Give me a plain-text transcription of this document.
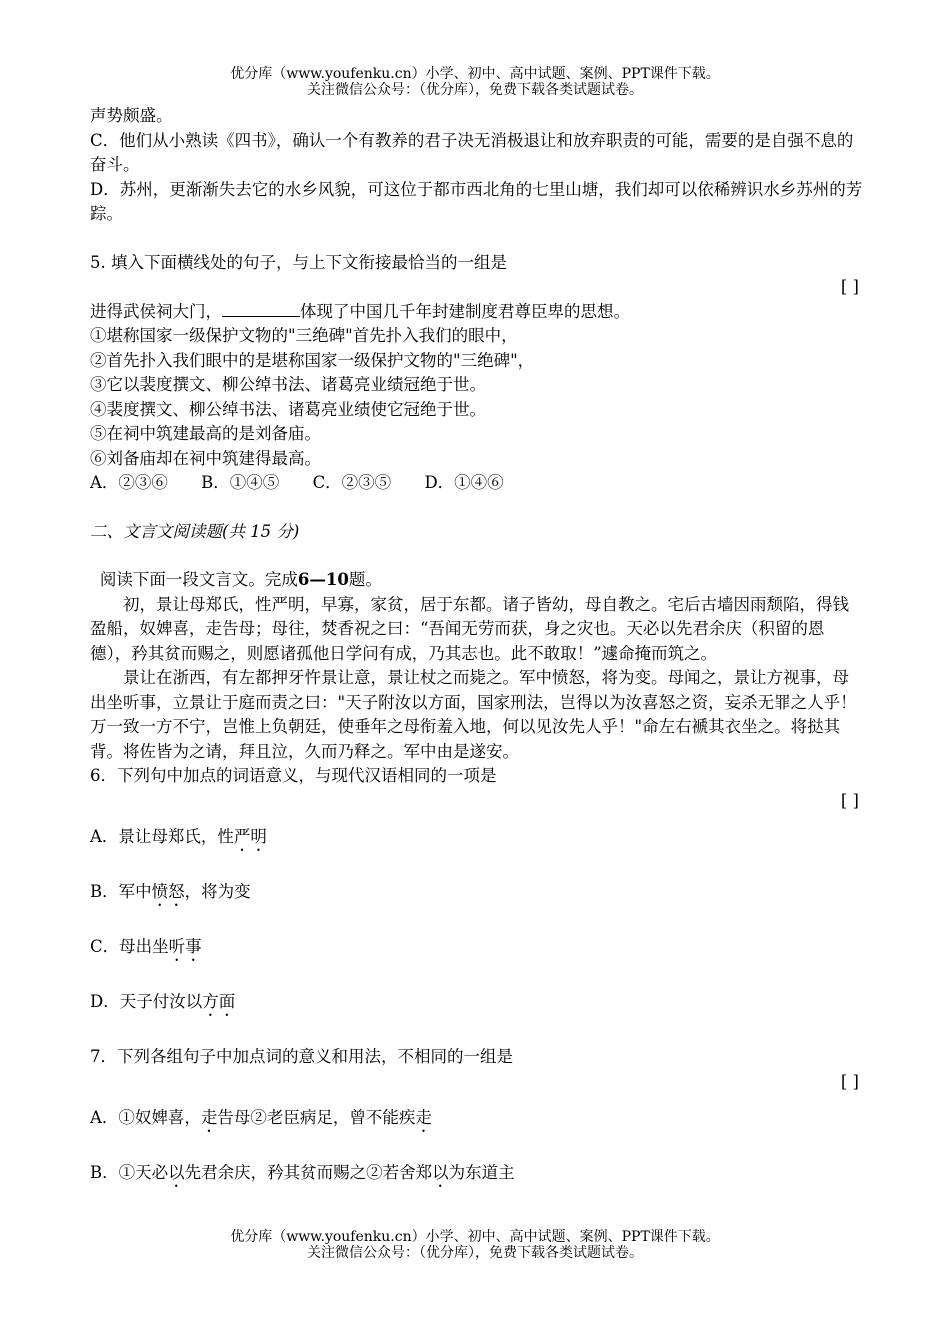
优分库（www.youfenku.cn）小学、初中、高中试题、案例、PPT课件下载。
关注微信公众号：（优分库），免费下载各类试题试卷。

声势颇盛。

C．他们从小熟读《四书》，确认一个有教养的君子决无消极退让和放弃职责的可能，需要的是自强不息的奋斗。

D．苏州，更渐渐失去它的水乡风貌，可这位于都市西北角的七里山塘，我们却可以依稀辨识水乡苏州的芳踪。

5. 填入下面横线处的句子，与上下文衔接最恰当的一组是

[ ]

进得武侯祠大门，	体现了中国几千年封建制度君尊臣卑的思想。

①堪称国家一级保护文物的"三绝碑"首先扑入我们的眼中，

②首先扑入我们眼中的是堪称国家一级保护文物的"三绝碑"，

③它以裴度撰文、柳公绰书法、诸葛亮业绩冠绝于世。

④裴度撰文、柳公绰书法、诸葛亮业绩使它冠绝于世。

⑤在祠中筑建最高的是刘备庙。

⑥刘备庙却在祠中筑建得最高。

A．②③⑥ B．①④⑤ C．②③⑤ D．①④⑥

二、文言文阅读题(共 15 分)

阅读下面一段文言文。完成6—10题。

初，景让母郑氏，性严明，早寡，家贫，居于东都。诸子皆幼，母自教之。宅后古墙因雨颓陷，得钱盈船，奴婢喜，走告母；母往，焚香祝之曰：“吾闻无劳而获，身之灾也。天必以先君余庆（积留的恩德），矜其贫而赐之，则愿诸孤他日学问有成，乃其志也。此不敢取！”遽命掩而筑之。

景让在浙西，有左都押牙忤景让意，景让杖之而毙之。军中愤怒，将为变。母闻之，景让方视事，母出坐听事，立景让于庭而责之曰："天子附汝以方面，国家刑法，岂得以为汝喜怒之资，妄杀无罪之人乎！万一致一方不宁，岂惟上负朝廷，使垂年之母衔羞入地，何以见汝先人乎！"命左右褫其衣坐之。将挞其背。将佐皆为之请，拜且泣，久而乃释之。军中由是遂安。

6．下列句中加点的词语意义，与现代汉语相同的一项是

[ ]

A．景让母郑氏，性严明

B．军中愤怒，将为变

C．母出坐听事

D．天子付汝以方面

7．下列各组句子中加点词的意义和用法，不相同的一组是

[ ]

A．①奴婢喜，走告母②老臣病足，曾不能疾走

B．①天必以先君余庆，矜其贫而赐之②若舍郑以为东道主

优分库（www.youfenku.cn）小学、初中、高中试题、案例、PPT课件下载。
关注微信公众号：（优分库），免费下载各类试题试卷。
